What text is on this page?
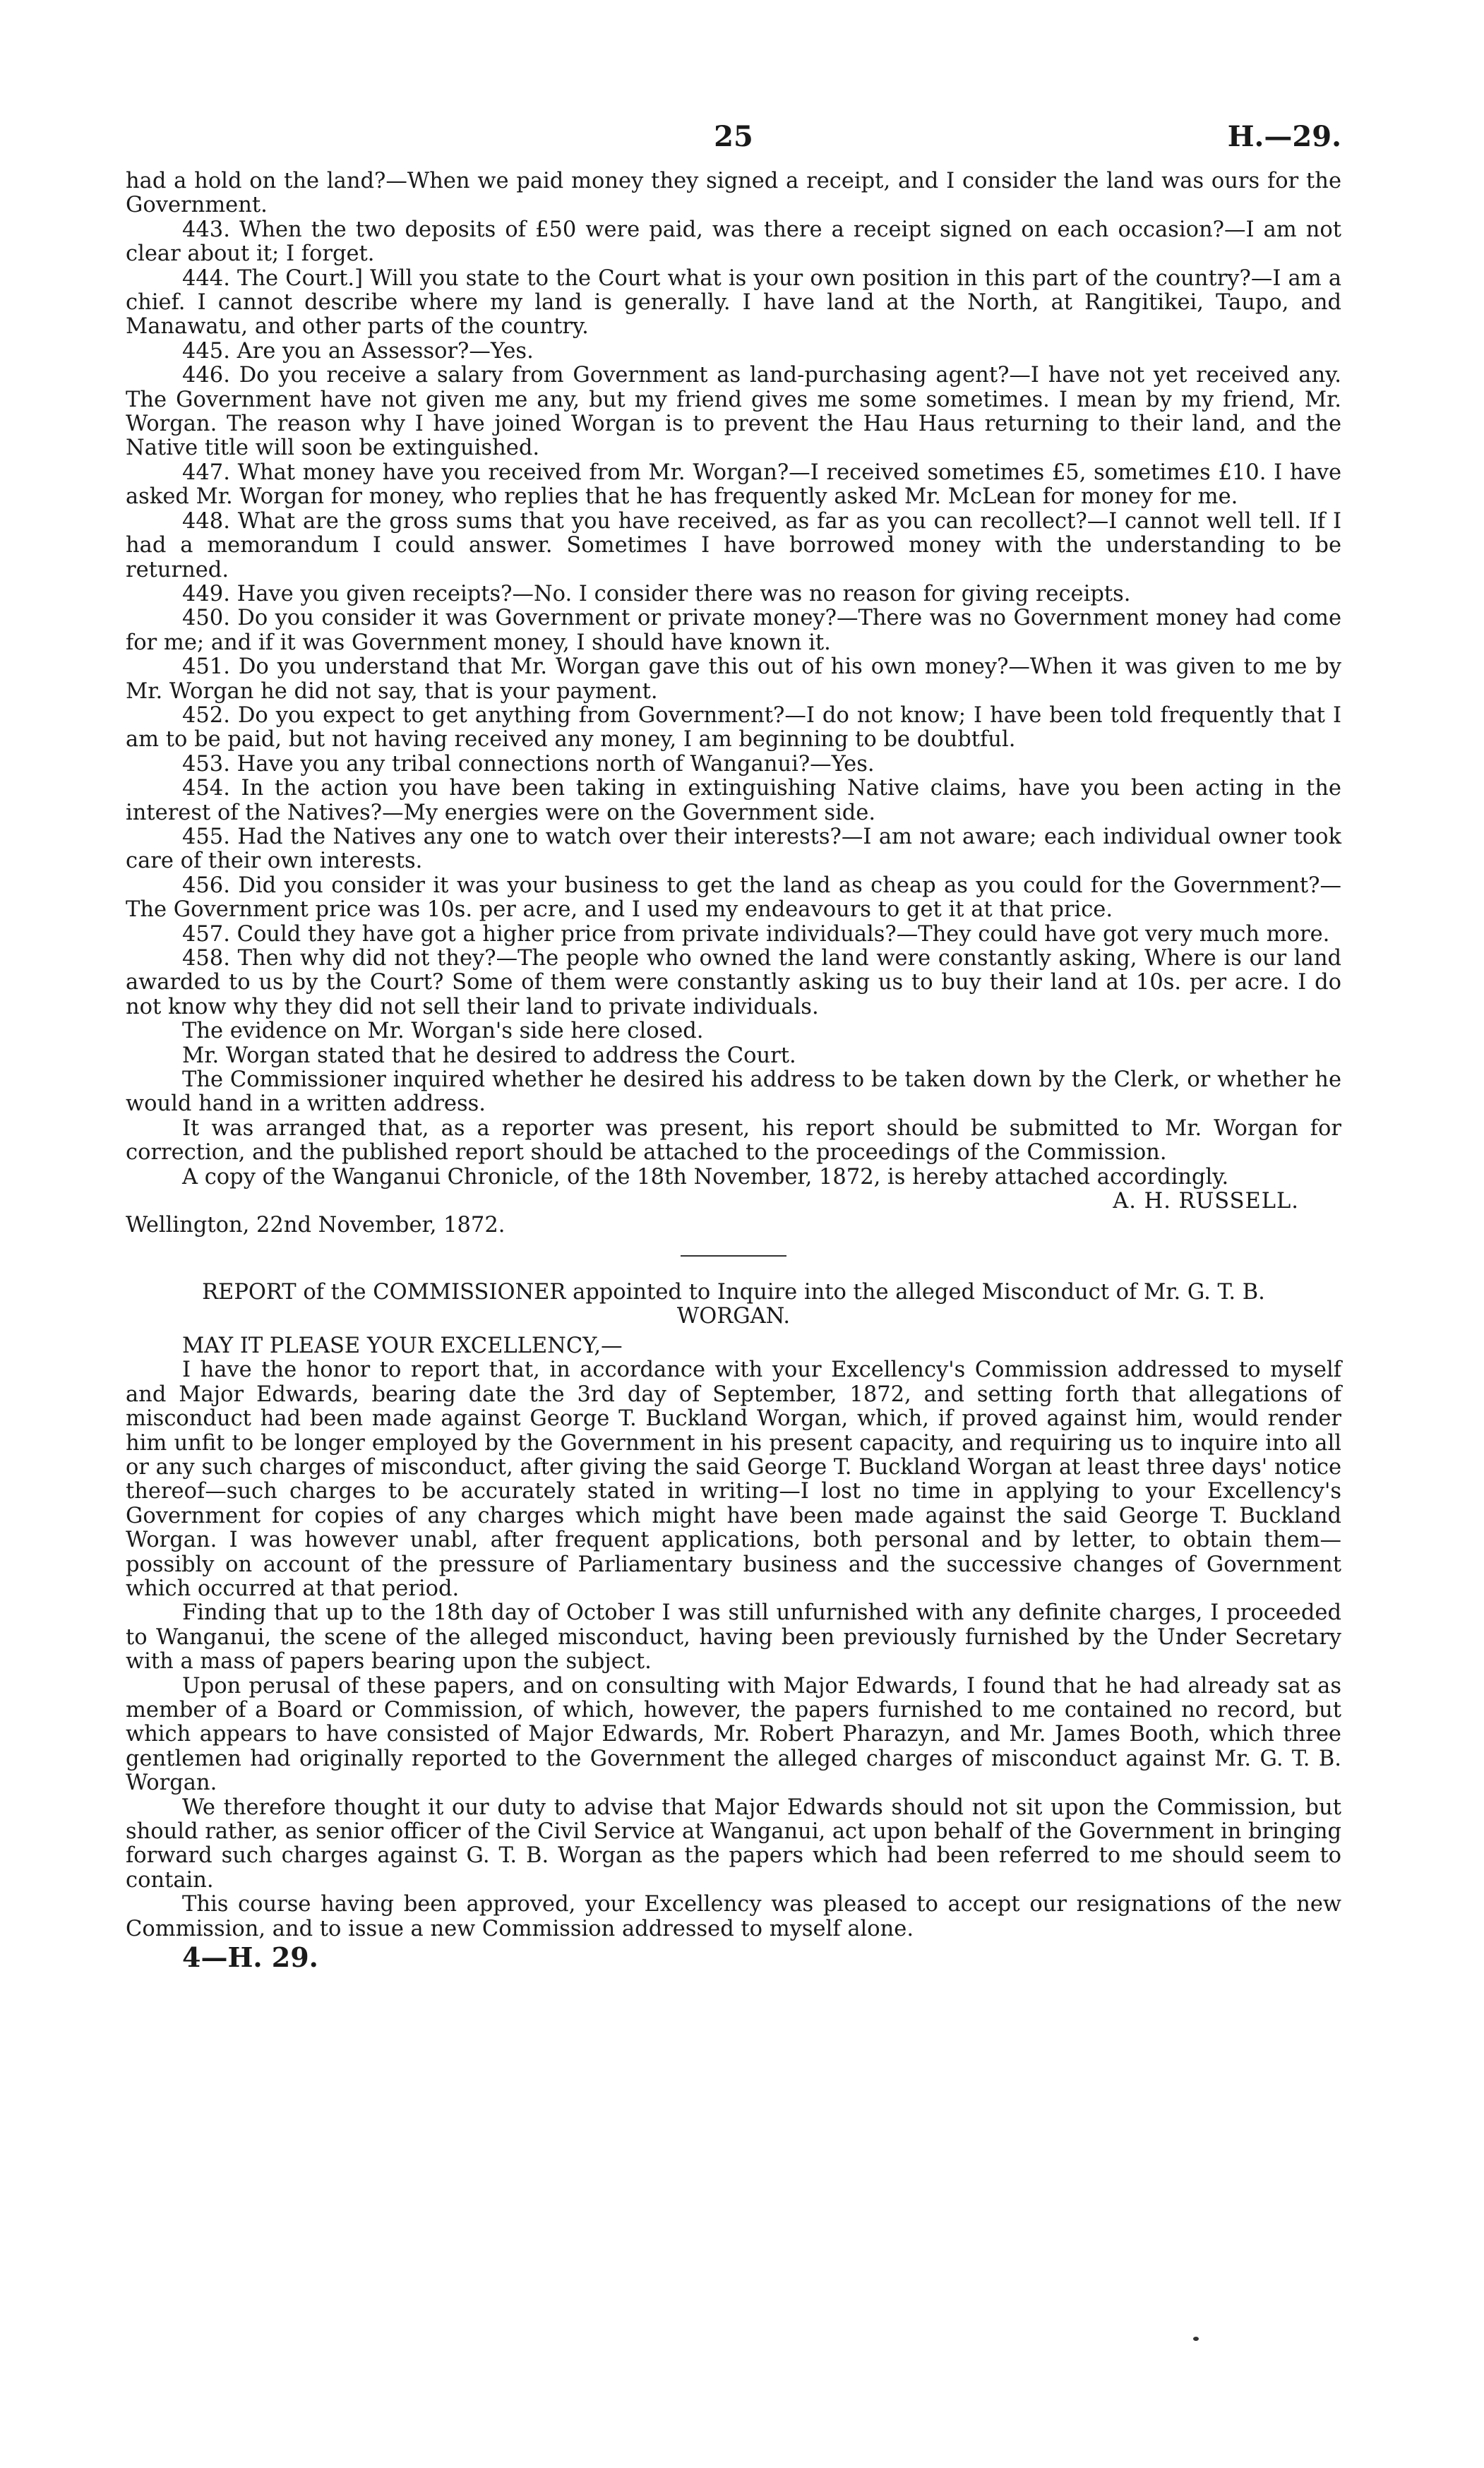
25	H.—29.

had a hold on the land?—When we paid money they signed a receipt, and I consider the land was ours for the Government.

443. When the two deposits of £50 were paid, was there a receipt signed on each occasion?—I am not clear about it; I forget.

444. The Court.] Will you state to the Court what is your own position in this part of the country?—I am a chief. I cannot describe where my land is generally. I have land at the North, at Rangitikei, Taupo, and Manawatu, and other parts of the country.

445. Are you an Assessor?—Yes.

446. Do you receive a salary from Government as land-purchasing agent?—I have not yet received any. The Government have not given me any, but my friend gives me some sometimes. I mean by my friend, Mr. Worgan. The reason why I have joined Worgan is to prevent the Hau Haus returning to their land, and the Native title will soon be extinguished.

447. What money have you received from Mr. Worgan?—I received sometimes £5, sometimes £10. I have asked Mr. Worgan for money, who replies that he has frequently asked Mr. McLean for money for me.

448. What are the gross sums that you have received, as far as you can recollect?—I cannot well tell. If I had a memorandum I could answer. Sometimes I have borrowed money with the understanding to be returned.

449. Have you given receipts?—No. I consider there was no reason for giving receipts.

450. Do you consider it was Government or private money?—There was no Government money had come for me; and if it was Government money, I should have known it.

451. Do you understand that Mr. Worgan gave this out of his own money?—When it was given to me by Mr. Worgan he did not say, that is your payment.

452. Do you expect to get anything from Government?—I do not know; I have been told frequently that I am to be paid, but not having received any money, I am beginning to be doubtful.

453. Have you any tribal connections north of Wanganui?—Yes.

454. In the action you have been taking in extinguishing Native claims, have you been acting in the interest of the Natives?—My energies were on the Government side.

455. Had the Natives any one to watch over their interests?—I am not aware; each individual owner took care of their own interests.

456. Did you consider it was your business to get the land as cheap as you could for the Government?—The Government price was 10s. per acre, and I used my endeavours to get it at that price.

457. Could they have got a higher price from private individuals?—They could have got very much more.

458. Then why did not they?—The people who owned the land were constantly asking, Where is our land awarded to us by the Court? Some of them were constantly asking us to buy their land at 10s. per acre. I do not know why they did not sell their land to private individuals.

The evidence on Mr. Worgan's side here closed.

Mr. Worgan stated that he desired to address the Court.

The Commissioner inquired whether he desired his address to be taken down by the Clerk, or whether he would hand in a written address.

It was arranged that, as a reporter was present, his report should be submitted to Mr. Worgan for correction, and the published report should be attached to the proceedings of the Commission.

A copy of the Wanganui Chronicle, of the 18th November, 1872, is hereby attached accordingly.

A. H. RUSSELL.

Wellington, 22nd November, 1872.

REPORT of the COMMISSIONER appointed to Inquire into the alleged Misconduct of Mr. G. T. B. WORGAN.

MAY IT PLEASE YOUR EXCELLENCY,—

I have the honor to report that, in accordance with your Excellency's Commission addressed to myself and Major Edwards, bearing date the 3rd day of September, 1872, and setting forth that allegations of misconduct had been made against George T. Buckland Worgan, which, if proved against him, would render him unfit to be longer employed by the Government in his present capacity, and requiring us to inquire into all or any such charges of misconduct, after giving the said George T. Buckland Worgan at least three days' notice thereof—such charges to be accurately stated in writing—I lost no time in applying to your Excellency's Government for copies of any charges which might have been made against the said George T. Buckland Worgan. I was however unabl, after frequent applications, both personal and by letter, to obtain them—possibly on account of the pressure of Parliamentary business and the successive changes of Government which occurred at that period.

Finding that up to the 18th day of October I was still unfurnished with any definite charges, I proceeded to Wanganui, the scene of the alleged misconduct, having been previously furnished by the Under Secretary with a mass of papers bearing upon the subject.

Upon perusal of these papers, and on consulting with Major Edwards, I found that he had already sat as member of a Board or Commission, of which, however, the papers furnished to me contained no record, but which appears to have consisted of Major Edwards, Mr. Robert Pharazyn, and Mr. James Booth, which three gentlemen had originally reported to the Government the alleged charges of misconduct against Mr. G. T. B. Worgan.

We therefore thought it our duty to advise that Major Edwards should not sit upon the Commission, but should rather, as senior officer of the Civil Service at Wanganui, act upon behalf of the Government in bringing forward such charges against G. T. B. Worgan as the papers which had been referred to me should seem to contain.

This course having been approved, your Excellency was pleased to accept our resignations of the new Commission, and to issue a new Commission addressed to myself alone.

4—H. 29.
